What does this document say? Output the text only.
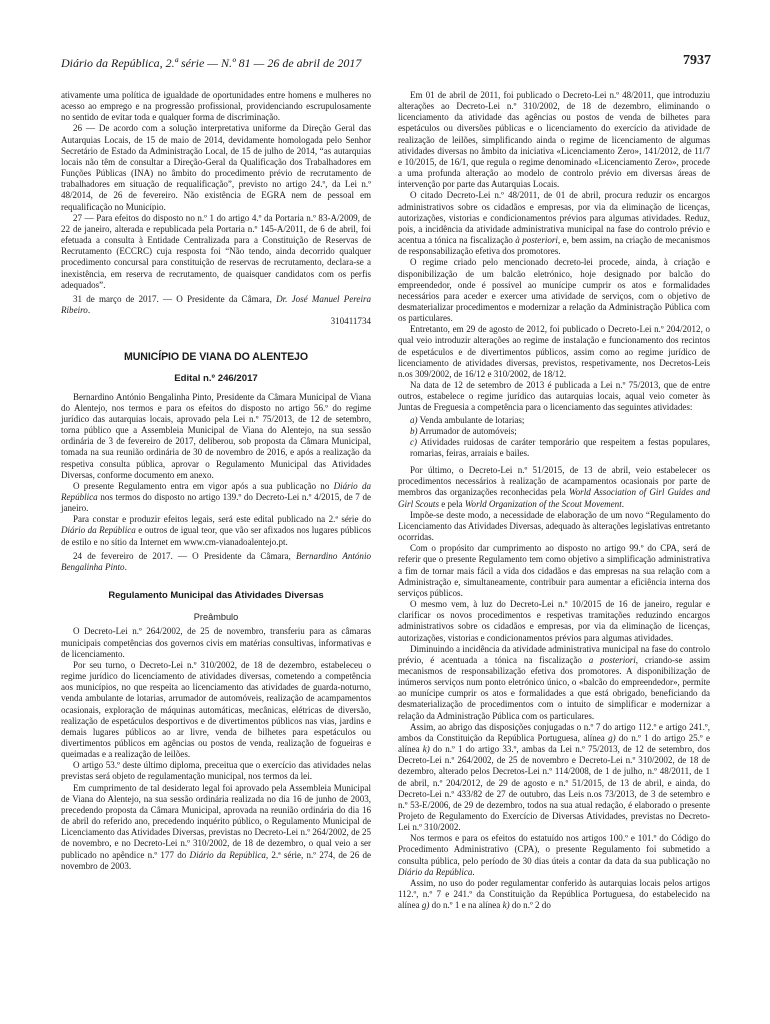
Diário da República, 2.ª série — N.º 81 — 26 de abril de 2017	7937

ativamente uma política de igualdade de oportunidades entre homens e mulheres no acesso ao emprego e na progressão profissional, providenciando escrupulosamente no sentido de evitar toda e qualquer forma de discriminação.

26 — De acordo com a solução interpretativa uniforme da Direção Geral das Autarquias Locais, de 15 de maio de 2014, devidamente homologada pelo Senhor Secretário de Estado da Administração Local, de 15 de julho de 2014, “as autarquias locais não têm de consultar a Direção-Geral da Qualificação dos Trabalhadores em Funções Públicas (INA) no âmbito do procedimento prévio de recrutamento de trabalhadores em situação de requalificação”, previsto no artigo 24.º, da Lei n.º 48/2014, de 26 de fevereiro. Não existência de EGRA nem de pessoal em requalificação no Município.

27 — Para efeitos do disposto no n.º 1 do artigo 4.º da Portaria n.º 83-A/2009, de 22 de janeiro, alterada e republicada pela Portaria n.º 145-A/2011, de 6 de abril, foi efetuada a consulta à Entidade Centralizada para a Constituição de Reservas de Recrutamento (ECCRC) cuja resposta foi “Não tendo, ainda decorrido qualquer procedimento concursal para constituição de reservas de recrutamento, declara-se a inexistência, em reserva de recrutamento, de quaisquer candidatos com os perfis adequados”.

31 de março de 2017. — O Presidente da Câmara, Dr. José Manuel Pereira Ribeiro.

310411734

MUNICÍPIO DE VIANA DO ALENTEJO
Edital n.º 246/2017

Bernardino António Bengalinha Pinto, Presidente da Câmara Municipal de Viana do Alentejo, nos termos e para os efeitos do disposto no artigo 56.º do regime jurídico das autarquias locais, aprovado pela Lei n.º 75/2013, de 12 de setembro, torna público que a Assembleia Municipal de Viana do Alentejo, na sua sessão ordinária de 3 de fevereiro de 2017, deliberou, sob proposta da Câmara Municipal, tomada na sua reunião ordinária de 30 de novembro de 2016, e após a realização da respetiva consulta pública, aprovar o Regulamento Municipal das Atividades Diversas, conforme documento em anexo.

O presente Regulamento entra em vigor após a sua publicação no Diário da República nos termos do disposto no artigo 139.º do Decreto-Lei n.º 4/2015, de 7 de janeiro.

Para constar e produzir efeitos legais, será este edital publicado na 2.ª série do Diário da República e outros de igual teor, que vão ser afixados nos lugares públicos de estilo e no sítio da Internet em www.cm-vianadoalentejo.pt.

24 de fevereiro de 2017. — O Presidente da Câmara, Bernardino António Bengalinha Pinto.

Regulamento Municipal das Atividades Diversas
Preâmbulo

O Decreto-Lei n.º 264/2002, de 25 de novembro, transferiu para as câmaras municipais competências dos governos civis em matérias consultivas, informativas e de licenciamento.

Por seu turno, o Decreto-Lei n.º 310/2002, de 18 de dezembro, estabeleceu o regime jurídico do licenciamento de atividades diversas, cometendo a competência aos municípios, no que respeita ao licenciamento das atividades de guarda-noturno, venda ambulante de lotarias, arrumador de automóveis, realização de acampamentos ocasionais, exploração de máquinas automáticas, mecânicas, elétricas de diversão, realização de espetáculos desportivos e de divertimentos públicos nas vias, jardins e demais lugares públicos ao ar livre, venda de bilhetes para espetáculos ou divertimentos públicos em agências ou postos de venda, realização de fogueiras e queimadas e a realização de leilões.

O artigo 53.º deste último diploma, preceitua que o exercício das atividades nelas previstas será objeto de regulamentação municipal, nos termos da lei.

Em cumprimento de tal desiderato legal foi aprovado pela Assembleia Municipal de Viana do Alentejo, na sua sessão ordinária realizada no dia 16 de junho de 2003, precedendo proposta da Câmara Municipal, aprovada na reunião ordinária do dia 16 de abril do referido ano, precedendo inquérito público, o Regulamento Municipal de Licenciamento das Atividades Diversas, previstas no Decreto-Lei n.º 264/2002, de 25 de novembro, e no Decreto-Lei n.º 310/2002, de 18 de dezembro, o qual veio a ser publicado no apêndice n.º 177 do Diário da República, 2.ª série, n.º 274, de 26 de novembro de 2003.

Em 01 de abril de 2011, foi publicado o Decreto-Lei n.º 48/2011, que introduziu alterações ao Decreto-Lei n.º 310/2002, de 18 de dezembro, eliminando o licenciamento da atividade das agências ou postos de venda de bilhetes para espetáculos ou diversões públicas e o licenciamento do exercício da atividade de realização de leilões, simplificando ainda o regime de licenciamento de algumas atividades diversas no âmbito da iniciativa «Licenciamento Zero», 141/2012, de 11/7 e 10/2015, de 16/1, que regula o regime denominado «Licenciamento Zero», procede a uma profunda alteração ao modelo de controlo prévio em diversas áreas de intervenção por parte das Autarquias Locais.

O citado Decreto-Lei n.º 48/2011, de 01 de abril, procura reduzir os encargos administrativos sobre os cidadãos e empresas, por via da eliminação de licenças, autorizações, vistorias e condicionamentos prévios para algumas atividades. Reduz, pois, a incidência da atividade administrativa municipal na fase do controlo prévio e acentua a tónica na fiscalização à posteriori, e, bem assim, na criação de mecanismos de responsabilização efetiva dos promotores.

O regime criado pelo mencionado decreto-lei procede, ainda, à criação e disponibilização de um balcão eletrónico, hoje designado por balcão do empreendedor, onde é possível ao munícipe cumprir os atos e formalidades necessários para aceder e exercer uma atividade de serviços, com o objetivo de desmaterializar procedimentos e modernizar a relação da Administração Pública com os particulares.

Entretanto, em 29 de agosto de 2012, foi publicado o Decreto-Lei n.º 204/2012, o qual veio introduzir alterações ao regime de instalação e funcionamento dos recintos de espetáculos e de divertimentos públicos, assim como ao regime jurídico de licenciamento de atividades diversas, previstos, respetivamente, nos Decretos-Leis n.os 309/2002, de 16/12 e 310/2002, de 18/12.

Na data de 12 de setembro de 2013 é publicada a Lei n.º 75/2013, que de entre outros, estabelece o regime jurídico das autarquias locais, aqual veio cometer às Juntas de Freguesia a competência para o licenciamento das seguintes atividades:

a) Venda ambulante de lotarias;
b) Arrumador de automóveis;
c) Atividades ruidosas de caráter temporário que respeitem a festas populares, romarias, feiras, arraiais e bailes.

Por último, o Decreto-Lei n.º 51/2015, de 13 de abril, veio estabelecer os procedimentos necessários à realização de acampamentos ocasionais por parte de membros das organizações reconhecidas pela World Association of Girl Guides and Girl Scouts e pela World Organization of the Scout Movement.

Impõe-se deste modo, a necessidade de elaboração de um novo “Regulamento do Licenciamento das Atividades Diversas, adequado às alterações legislativas entretanto ocorridas.

Com o propósito dar cumprimento ao disposto no artigo 99.º do CPA, será de referir que o presente Regulamento tem como objetivo a simplificação administrativa a fim de tornar mais fácil a vida dos cidadãos e das empresas na sua relação com a Administração e, simultaneamente, contribuir para aumentar a eficiência interna dos serviços públicos.

O mesmo vem, à luz do Decreto-Lei n.º 10/2015 de 16 de janeiro, regular e clarificar os novos procedimentos e respetivas tramitações reduzindo encargos administrativos sobre os cidadãos e empresas, por via da eliminação de licenças, autorizações, vistorias e condicionamentos prévios para algumas atividades.

Diminuindo a incidência da atividade administrativa municipal na fase do controlo prévio, é acentuada a tónica na fiscalização a posteriori, criando-se assim mecanismos de responsabilização efetiva dos promotores. A disponibilização de inúmeros serviços num ponto eletrónico único, o «balcão do empreendedor», permite ao munícipe cumprir os atos e formalidades a que está obrigado, beneficiando da desmaterialização de procedimentos com o intuito de simplificar e modernizar a relação da Administração Pública com os particulares.

Assim, ao abrigo das disposições conjugadas o n.º 7 do artigo 112.º e artigo 241.º, ambos da Constituição da República Portuguesa, alínea g) do n.º 1 do artigo 25.º e alínea k) do n.º 1 do artigo 33.º, ambas da Lei n.º 75/2013, de 12 de setembro, dos Decreto-Lei n.º 264/2002, de 25 de novembro e Decreto-Lei n.º 310/2002, de 18 de dezembro, alterado pelos Decretos-Lei n.º 114/2008, de 1 de julho, n.º 48/2011, de 1 de abril, n.º 204/2012, de 29 de agosto e n.º 51/2015, de 13 de abril, e ainda, do Decreto-Lei n.º 433/82 de 27 de outubro, das Leis n.os 73/2013, de 3 de setembro e n.º 53-E/2006, de 29 de dezembro, todos na sua atual redação, é elaborado o presente Projeto de Regulamento do Exercício de Diversas Atividades, previstas no Decreto-Lei n.º 310/2002.

Nos termos e para os efeitos do estatuído nos artigos 100.º e 101.º do Código do Procedimento Administrativo (CPA), o presente Regulamento foi submetido a consulta pública, pelo período de 30 dias úteis a contar da data da sua publicação no Diário da República.

Assim, no uso do poder regulamentar conferido às autarquias locais pelos artigos 112.º, n.º 7 e 241.º da Constituição da República Portuguesa, do estabelecido na alínea g) do n.º 1 e na alínea k) do n.º 2 do
